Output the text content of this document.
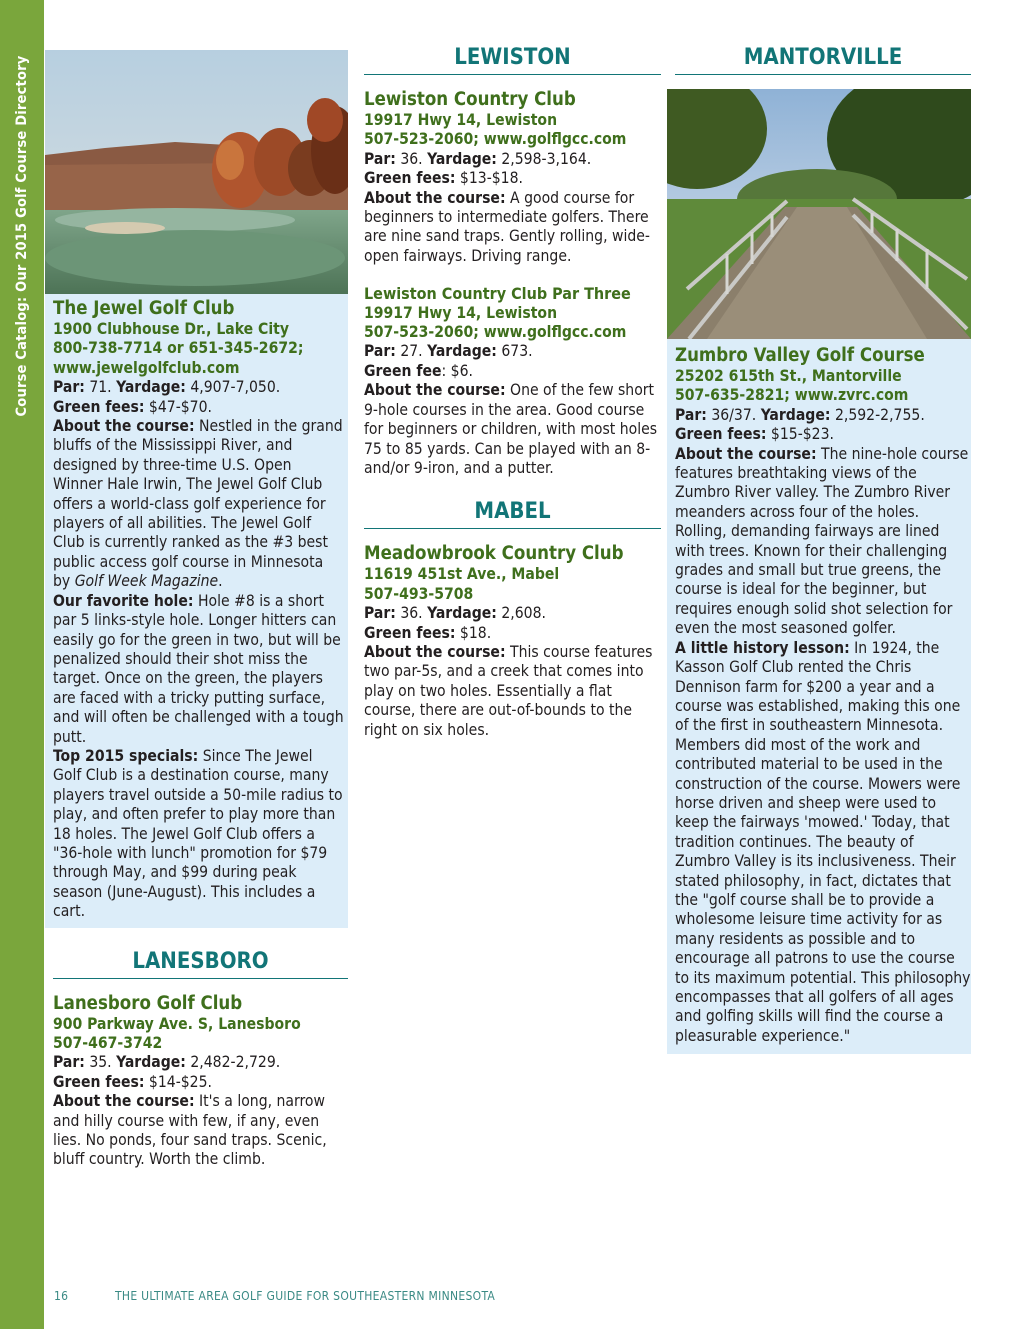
Course Catalog: Our 2015 Golf Course Directory The Jewel Golf Club
1900 Clubhouse Dr., Lake City
800-738-7714 or 651-345-2672;
www.jewelgolfclub.com

Par: 71. Yardage: 4,907-7,050.

Green fees: $47-$70.

About the course: Nestled in the grand bluffs of the Mississippi River, and designed by three-time U.S. Open Winner Hale Irwin, The Jewel Golf Club offers a world-class golf experience for players of all abilities. The Jewel Golf Club is currently ranked as the #3 best public access golf course in Minnesota by Golf Week Magazine.

Our favorite hole: Hole #8 is a short par 5 links-style hole. Longer hitters can easily go for the green in two, but will be penalized should their shot miss the target. Once on the green, the players are faced with a tricky putting surface, and will often be challenged with a tough putt.

Top 2015 specials: Since The Jewel Golf Club is a destination course, many players travel outside a 50-mile radius to play, and often prefer to play more than 18 holes. The Jewel Golf Club offers a "36-hole with lunch" promotion for $79 through May, and $99 during peak season (June-August). This includes a cart.

LANESBORO
Lanesboro Golf Club
900 Parkway Ave. S, Lanesboro
507-467-3742

Par: 35. Yardage: 2,482-2,729.

Green fees: $14-$25.

About the course: It's a long, narrow and hilly course with few, if any, even lies. No ponds, four sand traps. Scenic, bluff country. Worth the climb.

LEWISTON
Lewiston Country Club
19917 Hwy 14, Lewiston
507-523-2060; www.golflgcc.com

Par: 36. Yardage: 2,598-3,164.

Green fees: $13-$18.

About the course: A good course for beginners to intermediate golfers. There are nine sand traps. Gently rolling, wide-open fairways. Driving range.

Lewiston Country Club Par Three
19917 Hwy 14, Lewiston
507-523-2060; www.golflgcc.com

Par: 27. Yardage: 673.

Green fee: $6.

About the course: One of the few short 9-hole courses in the area. Good course for beginners or children, with most holes 75 to 85 yards. Can be played with an 8- and/or 9-iron, and a putter.

MABEL
Meadowbrook Country Club
11619 451st Ave., Mabel
507-493-5708

Par: 36. Yardage: 2,608.

Green fees: $18.

About the course: This course features two par-5s, and a creek that comes into play on two holes. Essentially a flat course, there are out-of-bounds to the right on six holes.

MANTORVILLE
Zumbro Valley Golf Course
25202 615th St., Mantorville
507-635-2821; www.zvrc.com

Par: 36/37. Yardage: 2,592-2,755.

Green fees: $15-$23.

About the course: The nine-hole course features breathtaking views of the Zumbro River valley. The Zumbro River meanders across four of the holes. Rolling, demanding fairways are lined with trees. Known for their challenging grades and small but true greens, the course is ideal for the beginner, but requires enough solid shot selection for even the most seasoned golfer.

A little history lesson: In 1924, the Kasson Golf Club rented the Chris Dennison farm for $200 a year and a course was established, making this one of the first in southeastern Minnesota. Members did most of the work and contributed material to be used in the construction of the course. Mowers were horse driven and sheep were used to keep the fairways 'mowed.' Today, that tradition continues. The beauty of Zumbro Valley is its inclusiveness. Their stated philosophy, in fact, dictates that the "golf course shall be to provide a wholesome leisure time activity for as many residents as possible and to encourage all patrons to use the course to its maximum potential. This philosophy encompasses that all golfers of all ages and golfing skills will find the course a pleasurable experience."

16	THE ULTIMATE AREA GOLF GUIDE FOR SOUTHEASTERN MINNESOTA
